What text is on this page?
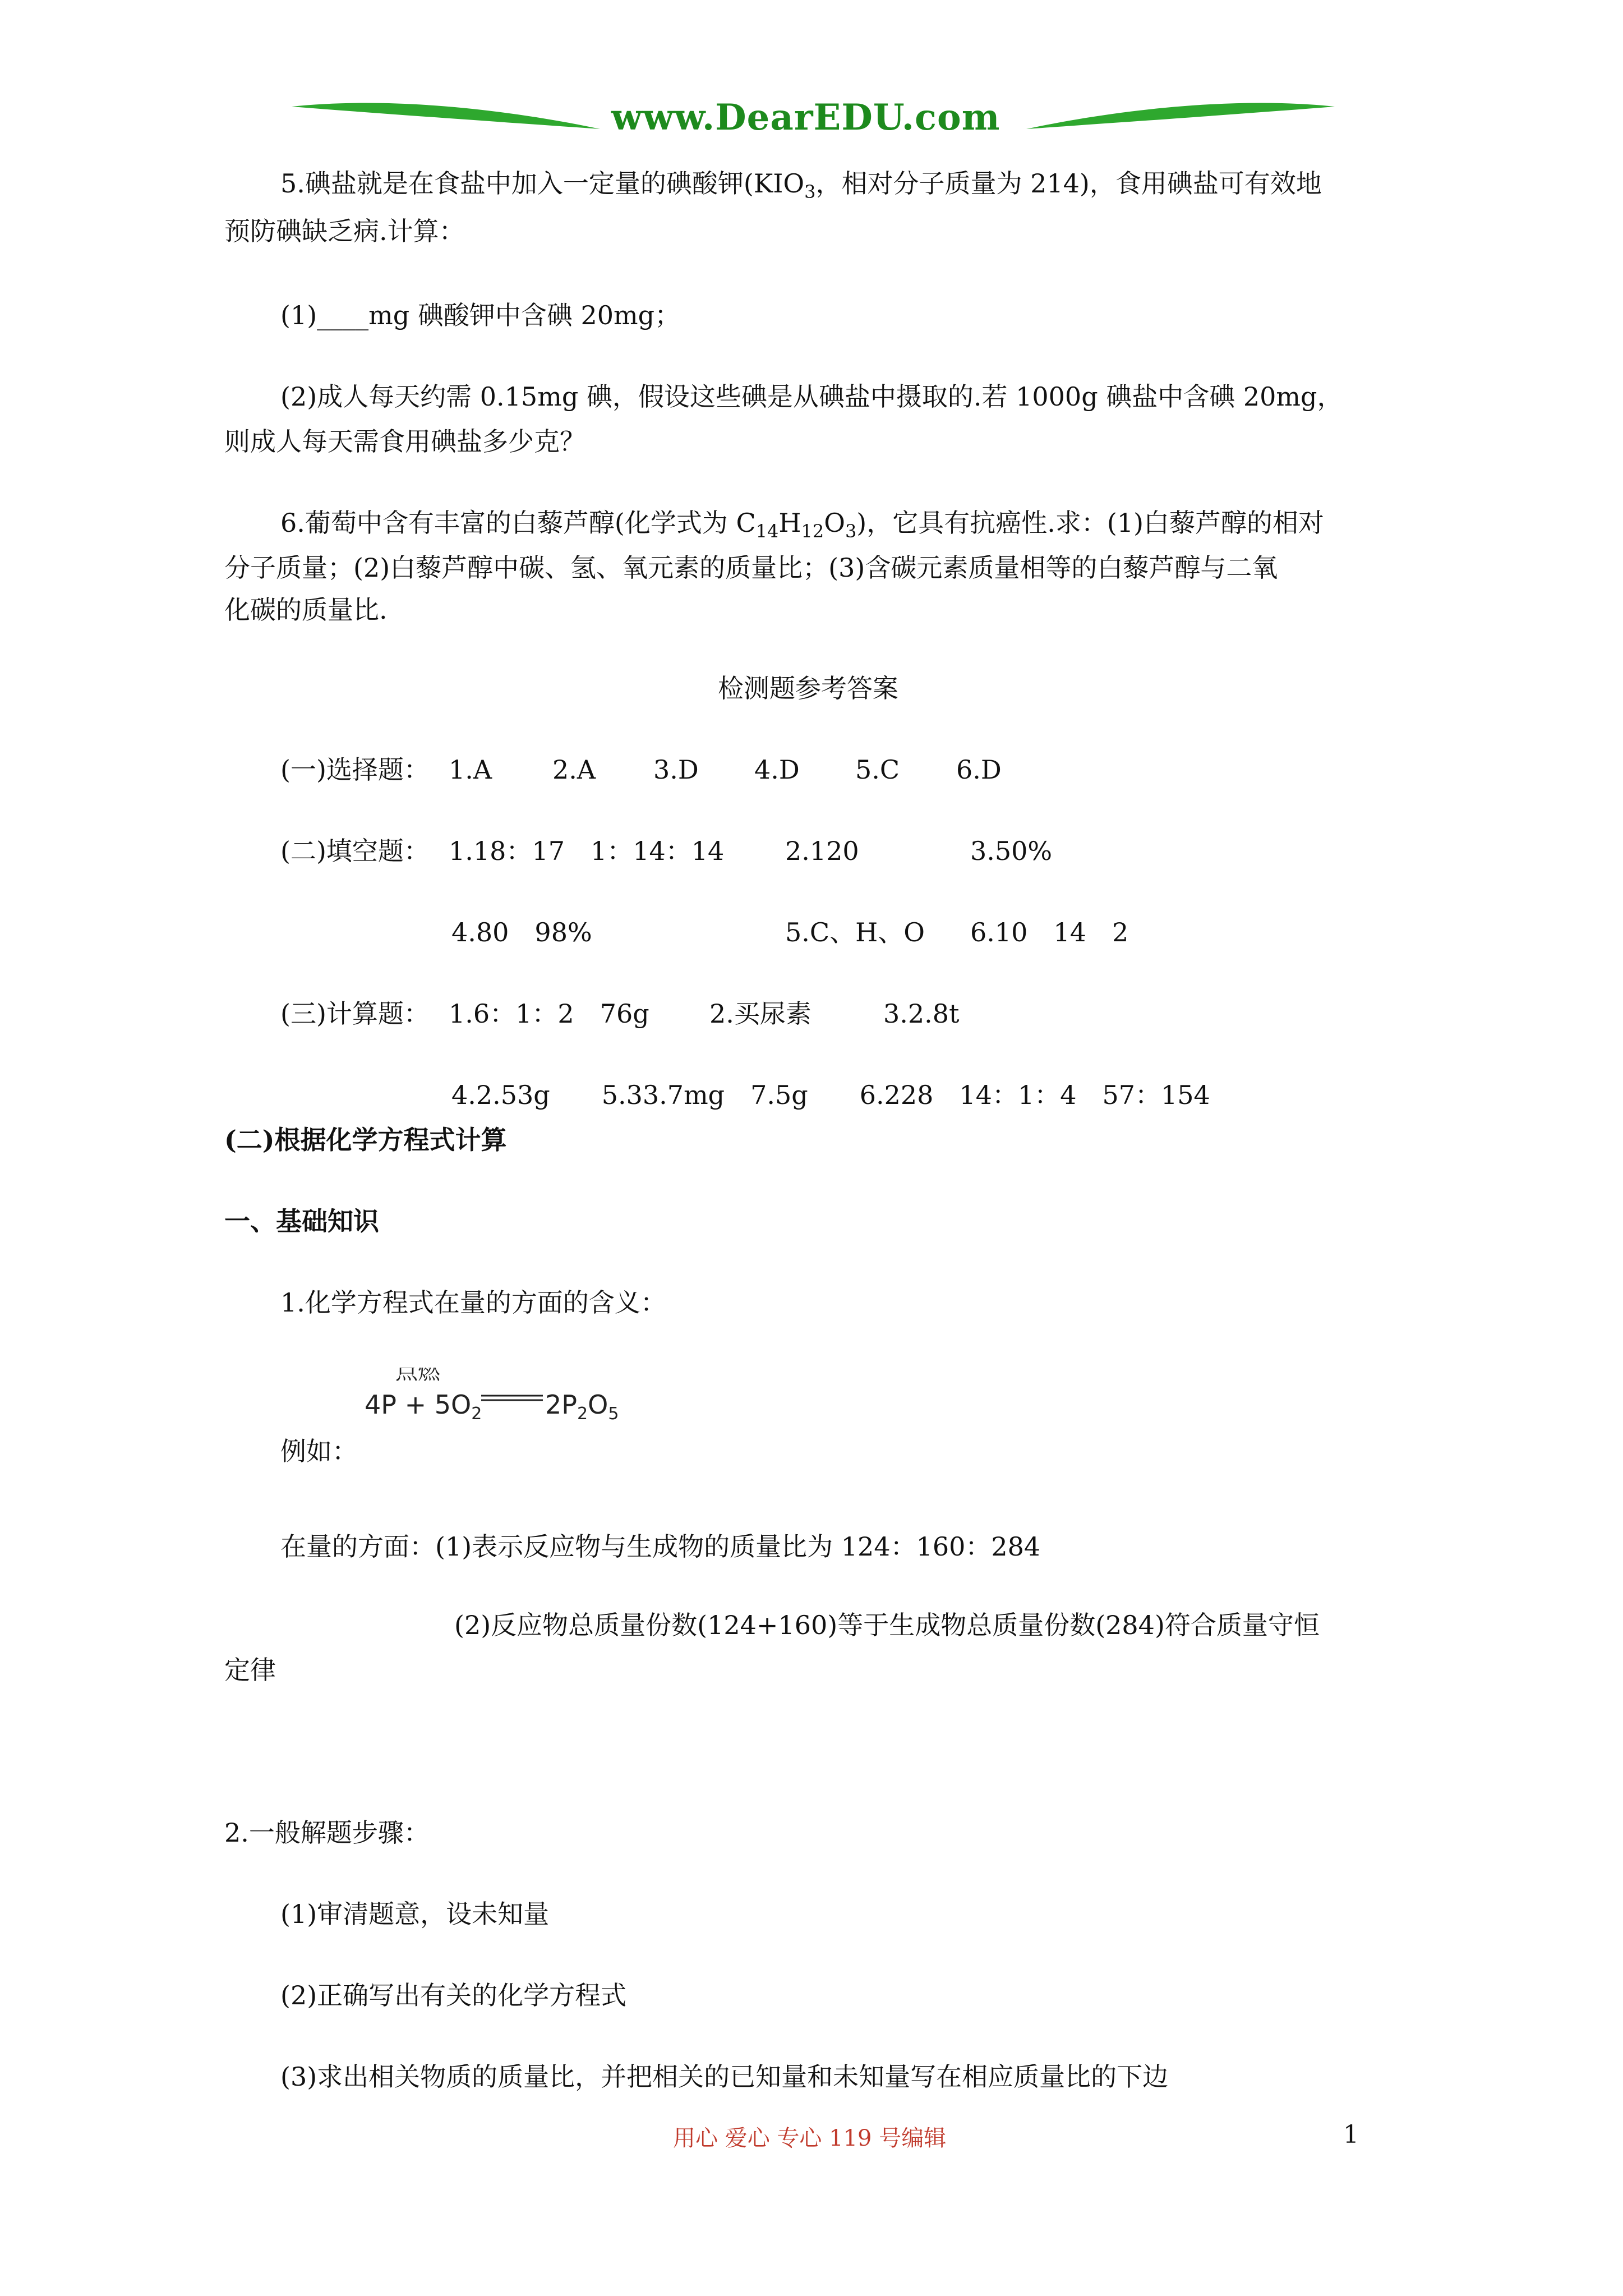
www.DearEDU.com
5.碘盐就是在食盐中加入一定量的碘酸钾($KIO_3$，相对分子质量为 214)，食用碘盐可有效地
预防碘缺乏病.计算：
(1)____mg 碘酸钾中含碘 20mg；
(2)成人每天约需 0.15mg 碘，假设这些碘是从碘盐中摄取的.若 1000g 碘盐中含碘 20mg，
则成人每天需食用碘盐多少克？
6.葡萄中含有丰富的白藜芦醇(化学式为 $C_{14}H_{12}O_3$)，它具有抗癌性.求：(1)白藜芦醇的相对
分子质量；(2)白藜芦醇中碳、氢、氧元素的质量比；(3)含碳元素质量相等的白藜芦醇与二氧
化碳的质量比.
检测题参考答案
(一)选择题： 1.A 2.A 3.D 4.D 5.C 6.D
(二)填空题： 1.18：17　1：14：14 2.120	3.50%
4.80　98%	5.C、H、O 6.10　14　2
(三)计算题： 1.6：1：2　76g 2.买尿素	3.2.8t
4.2.53g　　5.33.7mg　7.5g　　6.228　14：1：4　57：154
(二)根据化学方程式计算
一、基础知识
1.化学方程式在量的方面的含义：
点燃
$4P + 5O_2$ $2P_2O_5$
例如：
在量的方面：(1)表示反应物与生成物的质量比为 124：160：284
(2)反应物总质量份数(124+160)等于生成物总质量份数(284)符合质量守恒
定律
2.一般解题步骤：
(1)审清题意，设未知量
(2)正确写出有关的化学方程式
(3)求出相关物质的质量比，并把相关的已知量和未知量写在相应质量比的下边
用心 爱心 专心 119 号编辑	1
